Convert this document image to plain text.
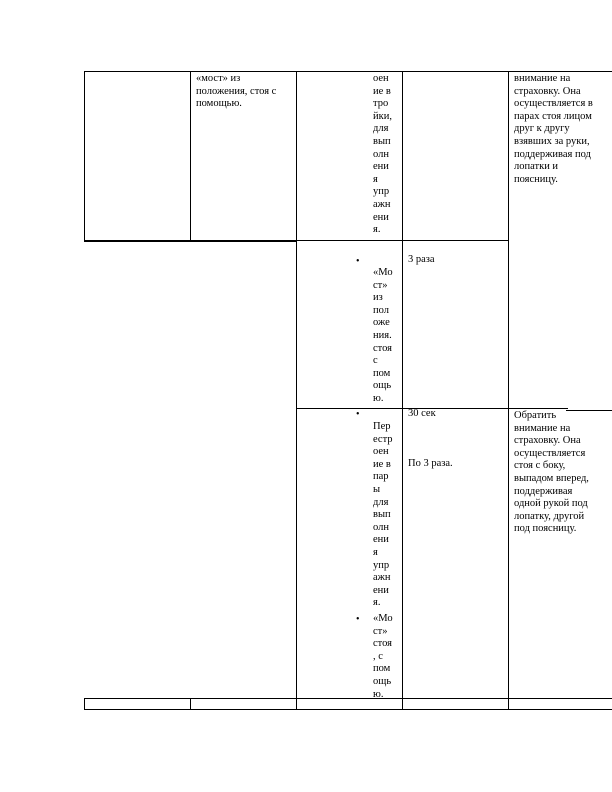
«мост» из
положения, стоя с
помощью.
оен
ие в
тро
йки,
для
вып
олн
ени
я
упр
ажн
ени
я.
внимание на
страховку. Она
осуществляется в
парах стоя лицом
друг к другу
взявших за руки,
поддерживая под
лопатки и
поясницу.
•
«Мо
ст»
из
пол
оже
ния.
стоя
с
пом
ощь
ю.
3 раза
•
Пер
естр
оен
ие в
пар
ы
для
вып
олн
ени
я
упр
ажн
ени
я.
• «Мо
ст»
стоя
, с
пом
ощь
ю.
30 сек
По 3 раза.
Обратить
внимание на
страховку. Она
осуществляется
стоя с боку,
выпадом вперед,
поддерживая
одной рукой под
лопатку, другой
под поясницу.
